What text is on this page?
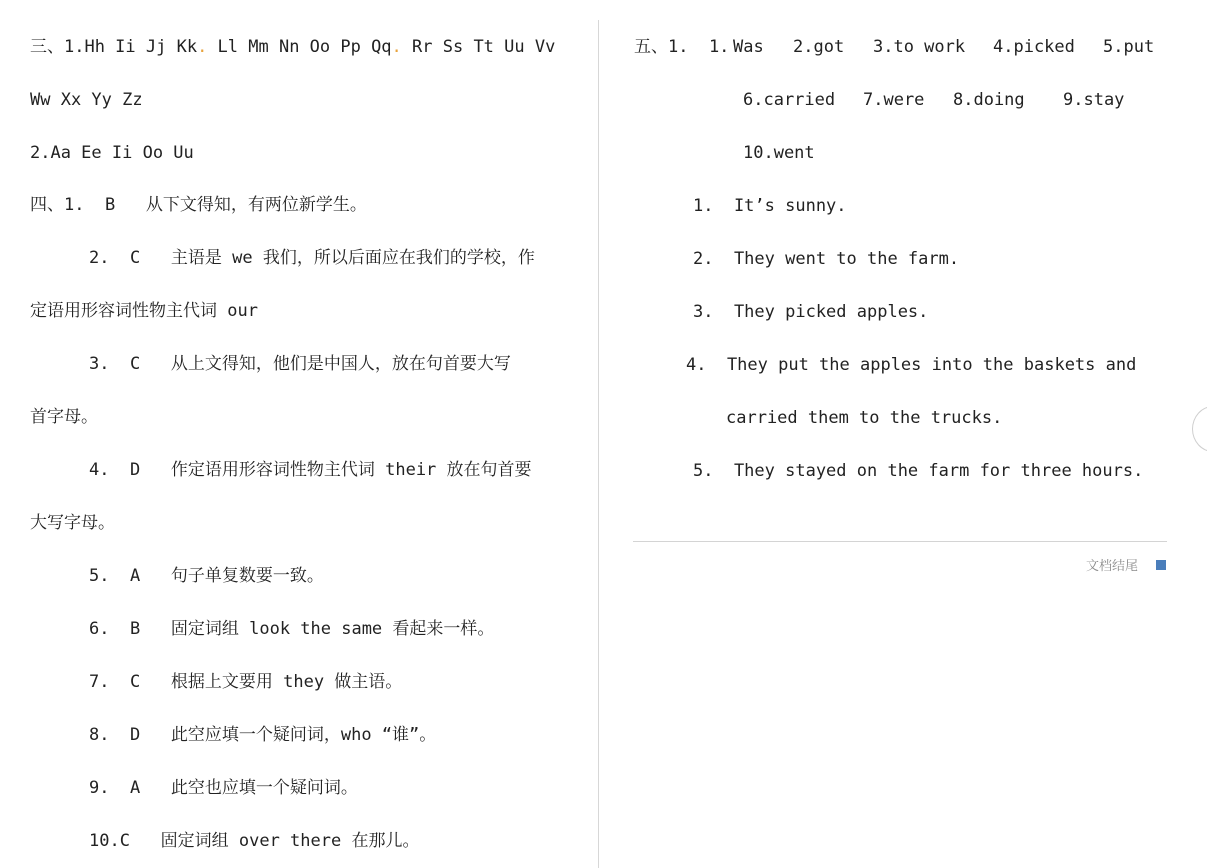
三、1.Hh Ii Jj Kk. Ll Mm Nn Oo Pp Qq. Rr Ss Tt Uu Vv
Ww Xx Yy Zz
2.Aa Ee Ii Oo Uu
四、1.  B   从下文得知，有两位新学生。
2.  C   主语是 we 我们，所以后面应在我们的学校，作
定语用形容词性物主代词 our
3.  C   从上文得知，他们是中国人，放在句首要大写
首字母。
4.  D   作定语用形容词性物主代词 their 放在句首要
大写字母。
5.  A   句子单复数要一致。
6.  B   固定词组 look the same 看起来一样。
7.  C   根据上文要用 they 做主语。
8.  D   此空应填一个疑问词，who “谁”。
9.  A   此空也应填一个疑问词。
10.C   固定词组 over there 在那儿。
五、1.  1. Was 2.got 3.to work 4.picked 5.put
6.carried 7.were 8.doing 9.stay
10.went
1.  It’s sunny.
2.  They went to the farm.
3.  They picked apples.
4.  They put the apples into the baskets and
carried them to the trucks.
5.  They stayed on the farm for three hours.
文档结尾
